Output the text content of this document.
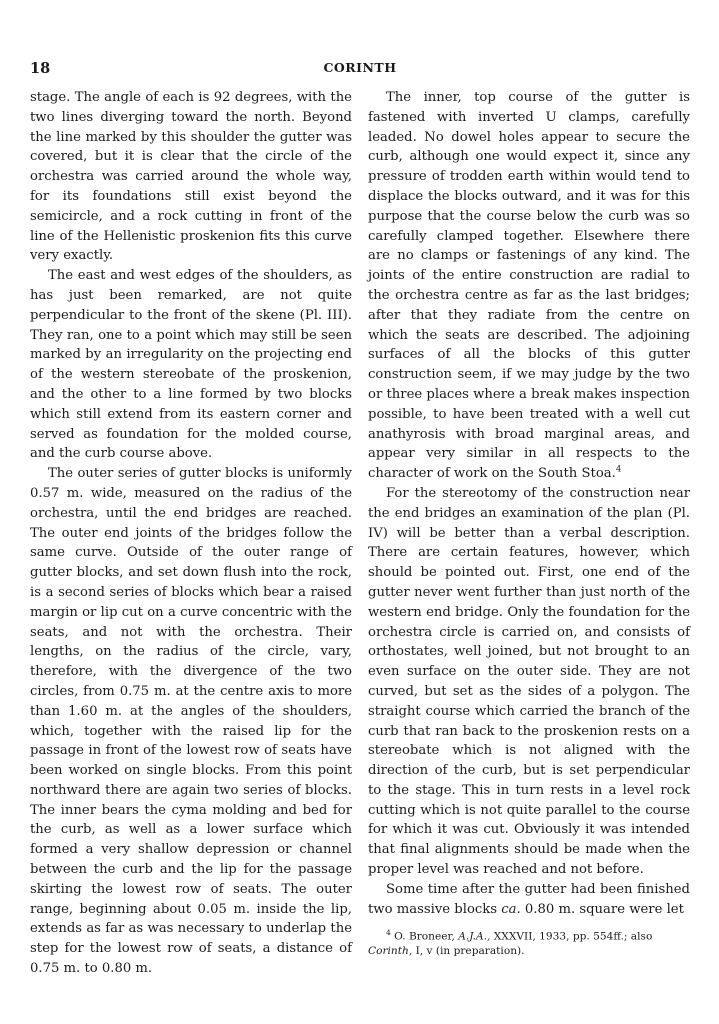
18	CORINTH

stage. The angle of each is 92 degrees, with the two lines diverging toward the north. Beyond the line marked by this shoulder the gutter was covered, but it is clear that the circle of the orchestra was carried around the whole way, for its foundations still exist beyond the semicircle, and a rock cutting in front of the line of the Hellenistic proskenion fits this curve very exactly.

The east and west edges of the shoulders, as has just been remarked, are not quite perpendicular to the front of the skene (Pl. III). They ran, one to a point which may still be seen marked by an irregularity on the projecting end of the western stereobate of the proskenion, and the other to a line formed by two blocks which still extend from its eastern corner and served as foundation for the molded course, and the curb course above.

The outer series of gutter blocks is uniformly 0.57 m. wide, measured on the radius of the orchestra, until the end bridges are reached. The outer end joints of the bridges follow the same curve. Outside of the outer range of gutter blocks, and set down flush into the rock, is a second series of blocks which bear a raised margin or lip cut on a curve concentric with the seats, and not with the orchestra. Their lengths, on the radius of the circle, vary, therefore, with the divergence of the two circles, from 0.75 m. at the centre axis to more than 1.60 m. at the angles of the shoulders, which, together with the raised lip for the passage in front of the lowest row of seats have been worked on single blocks. From this point northward there are again two series of blocks. The inner bears the cyma molding and bed for the curb, as well as a lower surface which formed a very shallow depression or channel between the curb and the lip for the passage skirting the lowest row of seats. The outer range, beginning about 0.05 m. inside the lip, extends as far as was necessary to underlap the step for the lowest row of seats, a distance of 0.75 m. to 0.80 m.

The inner, top course of the gutter is fastened with inverted U clamps, carefully leaded. No dowel holes appear to secure the curb, although one would expect it, since any pressure of trodden earth within would tend to displace the blocks outward, and it was for this purpose that the course below the curb was so carefully clamped together. Elsewhere there are no clamps or fastenings of any kind. The joints of the entire construction are radial to the orchestra centre as far as the last bridges; after that they radiate from the centre on which the seats are described. The adjoining surfaces of all the blocks of this gutter construction seem, if we may judge by the two or three places where a break makes inspection possible, to have been treated with a well cut anathyrosis with broad marginal areas, and appear very similar in all respects to the character of work on the South Stoa.$^4$

For the stereotomy of the construction near the end bridges an examination of the plan (Pl. IV) will be better than a verbal description. There are certain features, however, which should be pointed out. First, one end of the gutter never went further than just north of the western end bridge. Only the foundation for the orchestra circle is carried on, and consists of orthostates, well joined, but not brought to an even surface on the outer side. They are not curved, but set as the sides of a polygon. The straight course which carried the branch of the curb that ran back to the proskenion rests on a stereobate which is not aligned with the direction of the curb, but is set perpendicular to the stage. This in turn rests in a level rock cutting which is not quite parallel to the course for which it was cut. Obviously it was intended that final alignments should be made when the proper level was reached and not before.

Some time after the gutter had been finished two massive blocks ca. 0.80 m. square were let

$^4$ O. Broneer, A.J.A., XXXVII, 1933, pp. 554ff.; also Corinth, I, v (in preparation).
